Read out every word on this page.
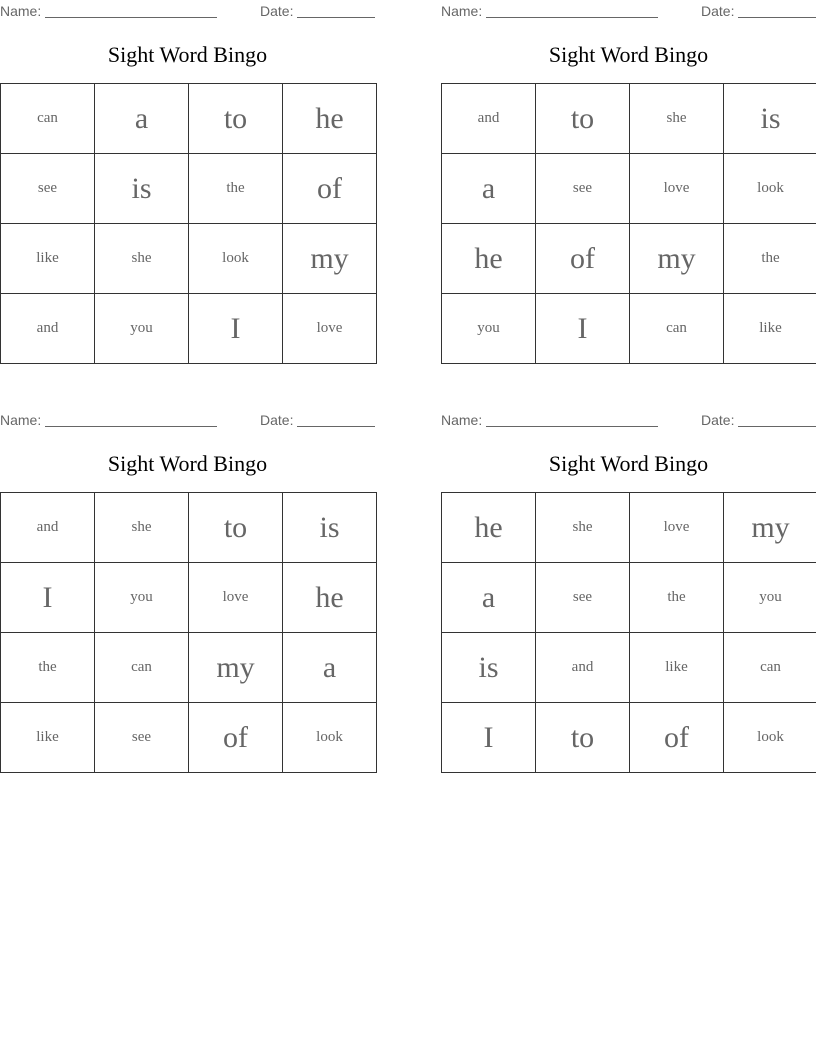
Name:	Date:
Sight Word Bingo
can	a	to	he
see	is	the	of
like	she	look	my
and	you	I	love
Name:	Date:
Sight Word Bingo
and	to	she	is
a	see	love	look
he	of	my	the
you	I	can	like
Name:	Date:
Sight Word Bingo
and	she	to	is
I	you	love	he
the	can	my	a
like	see	of	look
Name:	Date:
Sight Word Bingo
he	she	love	my
a	see	the	you
is	and	like	can
I	to	of	look
